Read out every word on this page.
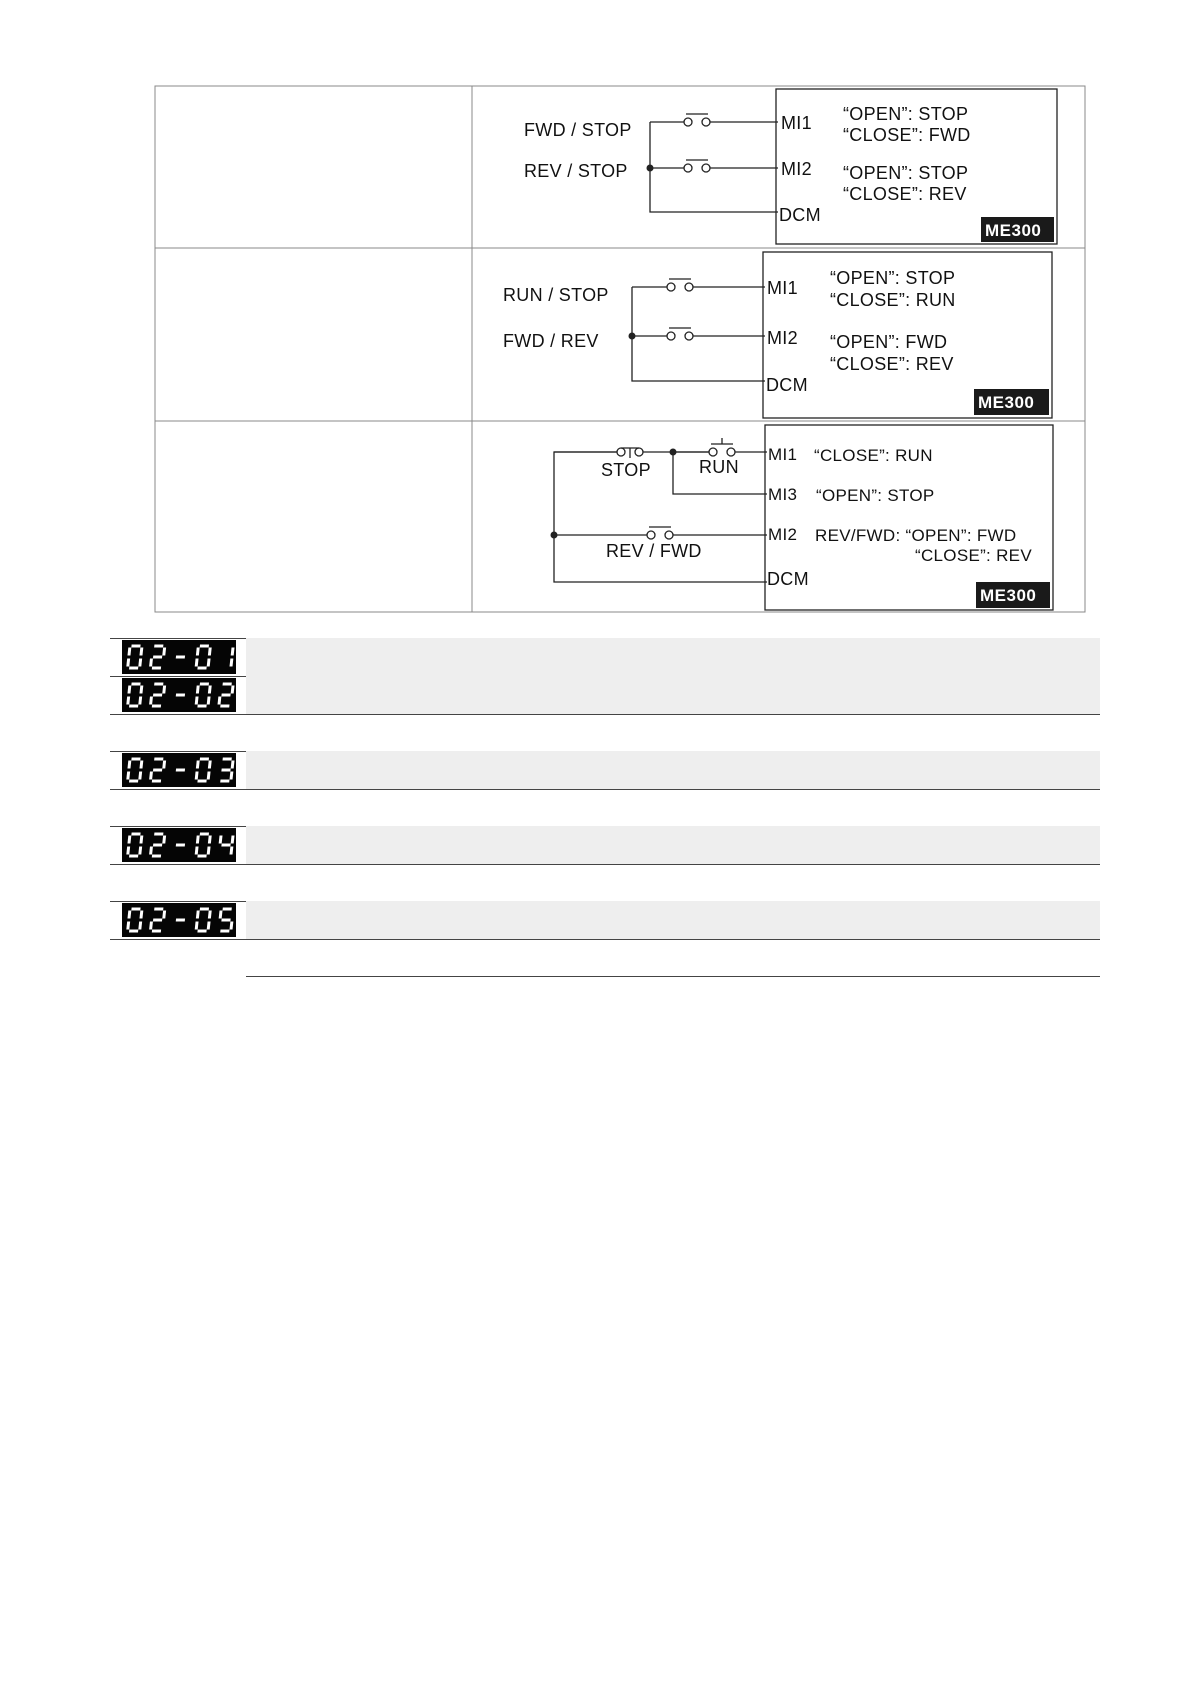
FWD / STOP
REV / STOP
MI1
MI2
DCM
“OPEN”: STOP
“CLOSE”: FWD
“OPEN”: STOP
“CLOSE”: REV
ME300
RUN / STOP
FWD / REV
MI1
MI2
DCM
“OPEN”: STOP
“CLOSE”: RUN
“OPEN”: FWD
“CLOSE”: REV
ME300
STOP	RUN
REV / FWD
MI1
MI3
MI2
DCM
“CLOSE”: RUN
“OPEN”: STOP
REV/FWD: “OPEN”: FWD
“CLOSE”: REV
ME300
